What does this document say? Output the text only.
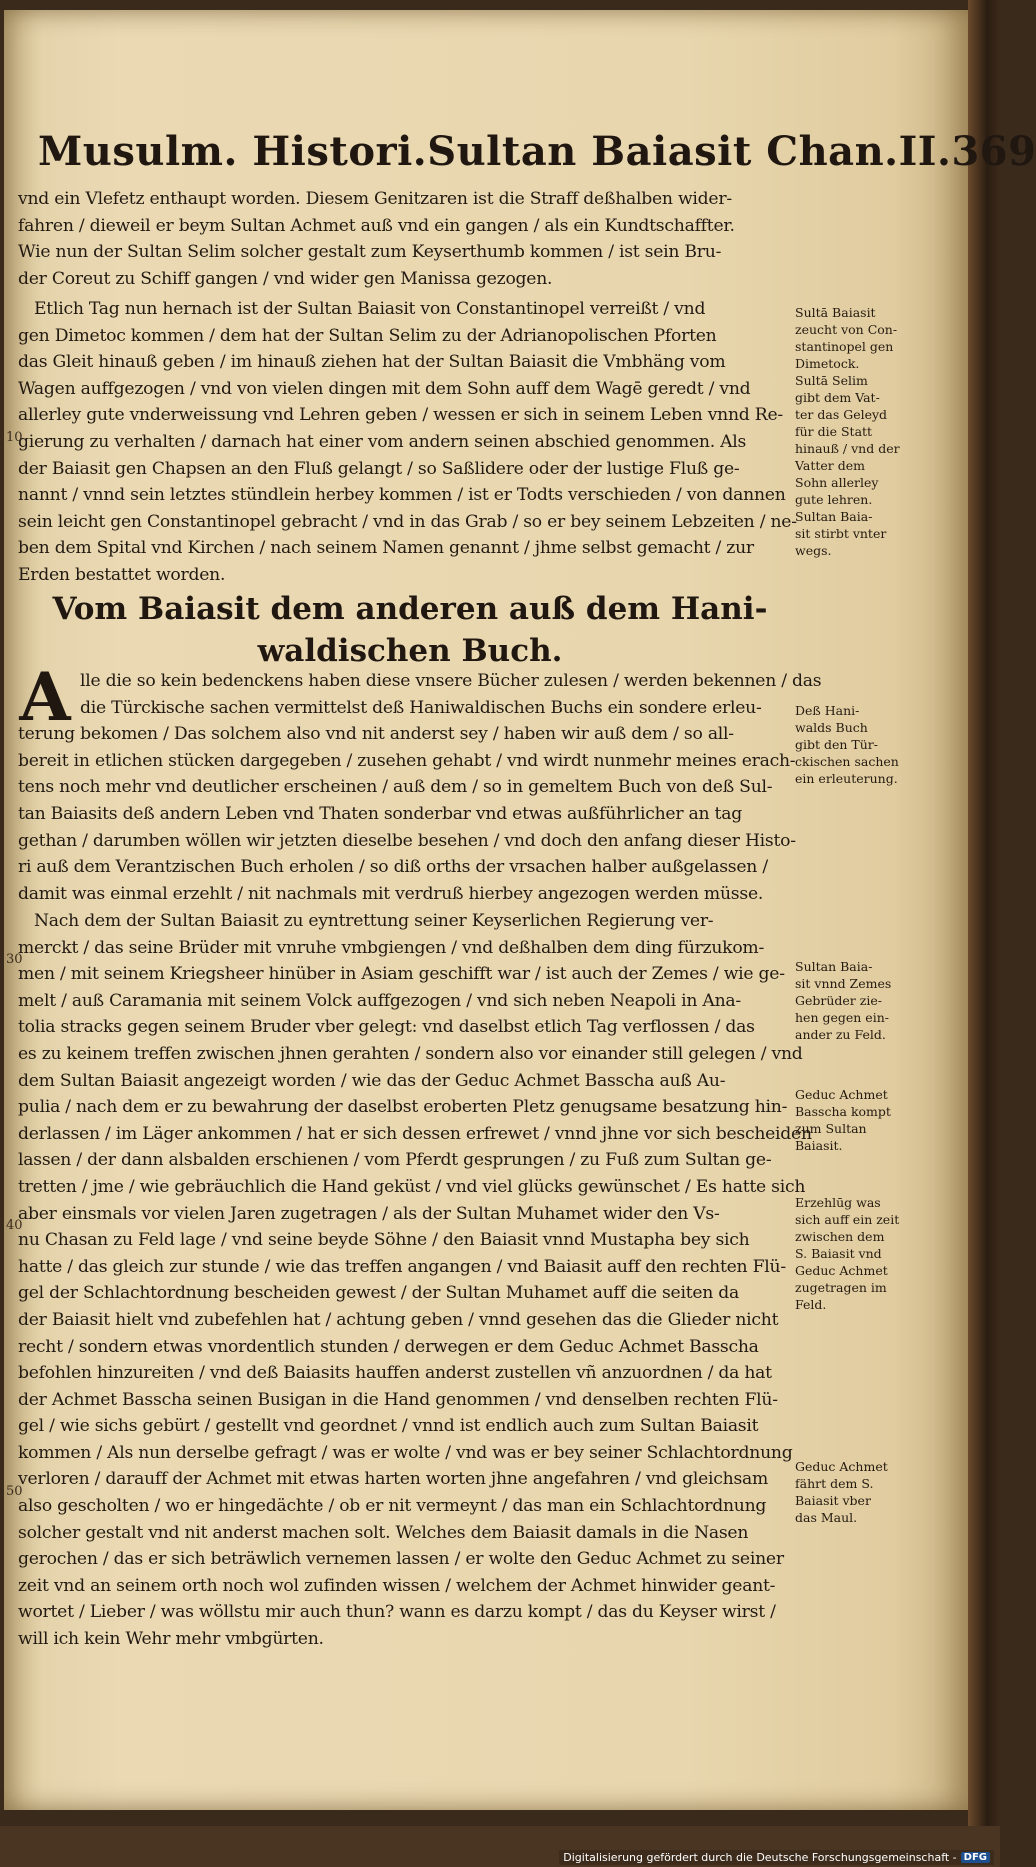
Musulm. Histori. Sultan Baiasit Chan. II. 369
vnd ein Vlefetz enthaupt worden. Diesem Genitzaren ist die Straff deßhalben wider-
fahren / dieweil er beym Sultan Achmet auß vnd ein gangen / als ein Kundtschaffter.
Wie nun der Sultan Selim solcher gestalt zum Keyserthumb kommen / ist sein Bru-
der Coreut zu Schiff gangen / vnd wider gen Manissa gezogen.
Etlich Tag nun hernach ist der Sultan Baiasit von Constantinopel verreißt / vnd
gen Dimetoc kommen / dem hat der Sultan Selim zu der Adrianopolischen Pforten
das Gleit hinauß geben / im hinauß ziehen hat der Sultan Baiasit die Vmbhäng vom
Wagen auffgezogen / vnd von vielen dingen mit dem Sohn auff dem Wagē geredt / vnd
allerley gute vnderweissung vnd Lehren geben / wessen er sich in seinem Leben vnnd Re-
gierung zu verhalten / darnach hat einer vom andern seinen abschied genommen. Als
der Baiasit gen Chapsen an den Fluß gelangt / so Saßlidere oder der lustige Fluß ge-
nannt / vnnd sein letztes stündlein herbey kommen / ist er Todts verschieden / von dannen
sein leicht gen Constantinopel gebracht / vnd in das Grab / so er bey seinem Lebzeiten / ne-
ben dem Spital vnd Kirchen / nach seinem Namen genannt / jhme selbst gemacht / zur
Erden bestattet worden.
10
Vom Baiasit dem anderen auß dem Hani-
waldischen Buch.
A lle die so kein bedenckens haben diese vnsere Bücher zulesen / werden bekennen / das
die Türckische sachen vermittelst deß Haniwaldischen Buchs ein sondere erleu-
terung bekomen / Das solchem also vnd nit anderst sey / haben wir auß dem / so all-
bereit in etlichen stücken dargegeben / zusehen gehabt / vnd wirdt nunmehr meines erach-
tens noch mehr vnd deutlicher erscheinen / auß dem / so in gemeltem Buch von deß Sul-
tan Baiasits deß andern Leben vnd Thaten sonderbar vnd etwas außführlicher an tag
gethan / darumben wöllen wir jetzten dieselbe besehen / vnd doch den anfang dieser Histo-
ri auß dem Verantzischen Buch erholen / so diß orths der vrsachen halber außgelassen /
damit was einmal erzehlt / nit nachmals mit verdruß hierbey angezogen werden müsse.
Nach dem der Sultan Baiasit zu eyntrettung seiner Keyserlichen Regierung ver-
merckt / das seine Brüder mit vnruhe vmbgiengen / vnd deßhalben dem ding fürzukom-
men / mit seinem Kriegsheer hinüber in Asiam geschifft war / ist auch der Zemes / wie ge-
melt / auß Caramania mit seinem Volck auffgezogen / vnd sich neben Neapoli in Ana-
tolia stracks gegen seinem Bruder vber gelegt: vnd daselbst etlich Tag verflossen / das
es zu keinem treffen zwischen jhnen gerahten / sondern also vor einander still gelegen / vnd
dem Sultan Baiasit angezeigt worden / wie das der Geduc Achmet Basscha auß Au-
pulia / nach dem er zu bewahrung der daselbst eroberten Pletz genugsame besatzung hin-
derlassen / im Läger ankommen / hat er sich dessen erfrewet / vnnd jhne vor sich bescheiden
lassen / der dann alsbalden erschienen / vom Pferdt gesprungen / zu Fuß zum Sultan ge-
tretten / jme / wie gebräuchlich die Hand geküst / vnd viel glücks gewünschet / Es hatte sich
aber einsmals vor vielen Jaren zugetragen / als der Sultan Muhamet wider den Vs-
nu Chasan zu Feld lage / vnd seine beyde Söhne / den Baiasit vnnd Mustapha bey sich
hatte / das gleich zur stunde / wie das treffen angangen / vnd Baiasit auff den rechten Flü-
gel der Schlachtordnung bescheiden gewest / der Sultan Muhamet auff die seiten da
der Baiasit hielt vnd zubefehlen hat / achtung geben / vnnd gesehen das die Glieder nicht
recht / sondern etwas vnordentlich stunden / derwegen er dem Geduc Achmet Basscha
befohlen hinzureiten / vnd deß Baiasits hauffen anderst zustellen vñ anzuordnen / da hat
der Achmet Basscha seinen Busigan in die Hand genommen / vnd denselben rechten Flü-
gel / wie sichs gebürt / gestellt vnd geordnet / vnnd ist endlich auch zum Sultan Baiasit
kommen / Als nun derselbe gefragt / was er wolte / vnd was er bey seiner Schlachtordnung
verloren / darauff der Achmet mit etwas harten worten jhne angefahren / vnd gleichsam
also gescholten / wo er hingedächte / ob er nit vermeynt / das man ein Schlachtordnung
solcher gestalt vnd nit anderst machen solt. Welches dem Baiasit damals in die Nasen
gerochen / das er sich beträwlich vernemen lassen / er wolte den Geduc Achmet zu seiner
zeit vnd an seinem orth noch wol zufinden wissen / welchem der Achmet hinwider geant-
wortet / Lieber / was wöllstu mir auch thun? wann es darzu kompt / das du Keyser wirst /
will ich kein Wehr mehr vmbgürten.
30
40
50
Sultā Baiasit
zeucht von Con-
stantinopel gen
Dimetock.
Sultā Selim
gibt dem Vat-
ter das Geleyd
für die Statt
hinauß / vnd der
Vatter dem
Sohn allerley
gute lehren.
Sultan Baia-
sit stirbt vnter
wegs.
Deß Hani-
walds Buch
gibt den Tür-
ckischen sachen
ein erleuterung.
Sultan Baia-
sit vnnd Zemes
Gebrüder zie-
hen gegen ein-
ander zu Feld.
Geduc Achmet
Basscha kompt
zum Sultan
Baiasit.
Erzehlūg was
sich auff ein zeit
zwischen dem
S. Baiasit vnd
Geduc Achmet
zugetragen im
Feld.
Geduc Achmet
fährt dem S.
Baiasit vber
das Maul.
Digitalisierung gefördert durch die Deutsche Forschungsgemeinschaft - DFG
